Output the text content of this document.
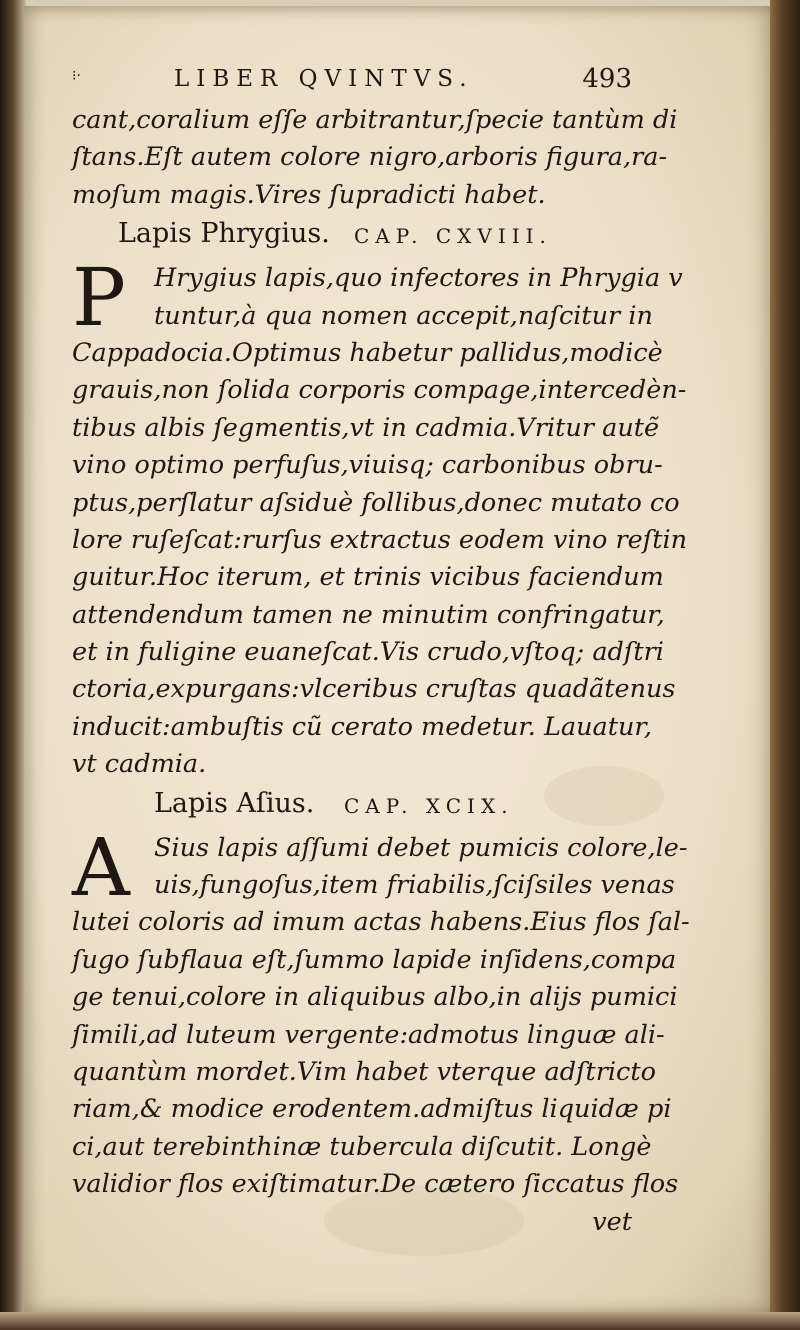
⁝·	LIBER QVINTVS.	493
cant,coralium eſſe arbitrantur,ſpecie tantùm di
ſtans.Eſt autem colore nigro,arboris figura,ra-
moſum magis.Vires ſupradicti habet.
Lapis Phrygius. CAP. CXVIII.
P	Hrygius lapis,quo infectores in Phrygia v
tuntur,à qua nomen accepit,naſcitur in
Cappadocia.Optimus habetur pallidus,modicè
grauis,non ſolida corporis compage,intercedèn-
tibus albis ſegmentis,vt in cadmia.Vritur autẽ
vino optimo perfuſus,viuisq; carbonibus obru-
ptus,perſlatur aſsiduè follibus,donec mutato co
lore ruſeſcat:rurſus extractus eodem vino reſtin
guitur.Hoc iterum, et trinis vicibus faciendum
attendendum tamen ne minutim confringatur,
et in fuligine euaneſcat.Vis crudo,vſtoq; adſtri
ctoria,expurgans:vlceribus cruſtas quadãtenus
inducit:ambuſtis cũ cerato medetur. Lauatur,
vt cadmia.
Lapis Aſius. CAP. XCIX.
A Sius lapis aſſumi debet pumicis colore,le-
uis,fungoſus,item friabilis,ſciſsiles venas
lutei coloris ad imum actas habens.Eius flos ſal-
ſugo ſubflaua eſt,ſummo lapide inſidens,compa
ge tenui,colore in aliquibus albo,in alijs pumici
ſimili,ad luteum vergente:admotus linguæ ali-
quantùm mordet.Vim habet vterque adſtricto
riam,& modice erodentem.admiſtus liquidæ pi
ci,aut terebinthinæ tubercula diſcutit. Longè
validior flos exiſtimatur.De cætero ſiccatus flos
vet
